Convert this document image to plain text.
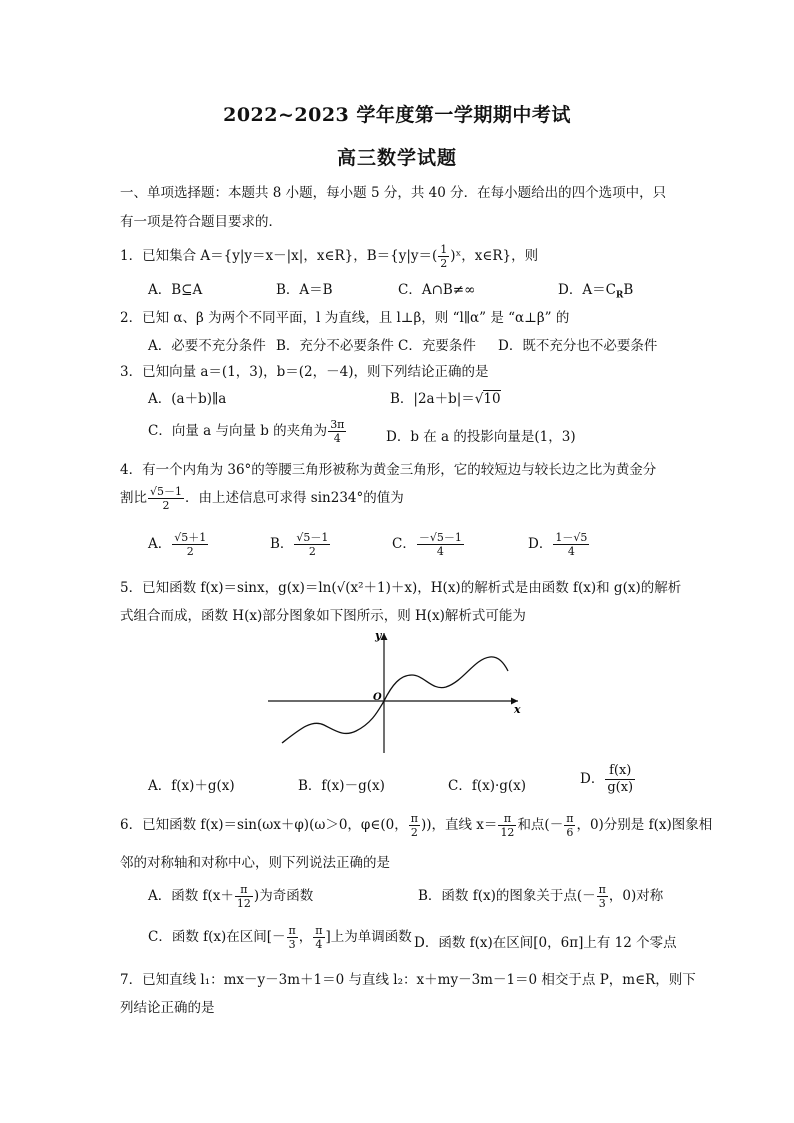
2022~2023 学年度第一学期期中考试
高三数学试题
一、单项选择题：本题共 8 小题，每小题 5 分，共 40 分．在每小题给出的四个选项中，只
有一项是符合题目要求的．
1．已知集合 A＝{y|y＝x－|x|，x∈R}，$B=\{y|y=( \frac{1}{2}$ )ˣ，x∈R}，则
A．B⊆A	B．A＝B	C．A∩B≠∞	D．$A=C_RB$
2．已知 α、β 为两个不同平面，l 为直线，且 l⊥β，则 “l∥α” 是 “α⊥β” 的
A．必要不充分条件 B．充分不必要条件 C．充要条件 D．既不充分也不必要条件
3．已知向量 a＝(1，3)，b＝(2，－4)，则下列结论正确的是
A．(a＋b)∥a	B．|2a＋b|＝√10
C．向量 a 与向量 b 的夹角为 $\frac{3\pi}{4}$	D．b 在 a 的投影向量是(1，3)
4．有一个内角为 36°的等腰三角形被称为黄金三角形，它的较短边与较长边之比为黄金分
割比 $\frac{√5-1}{2}$ ．由上述信息可求得 sin234°的值为
A． $\frac{√5+1}{2}$	B． $\frac{√5-1}{2}$	C． $\frac{-√5-1}{4}$	D． $\frac{1-√5}{4}$
5．已知函数 f(x)＝sinx，g(x)＝ln(√(x²＋1)＋x)，H(x)的解析式是由函数 f(x)和 g(x)的解析
式组合而成，函数 H(x)部分图象如下图所示，则 H(x)解析式可能为
y
x
O
A．f(x)＋g(x)	B．f(x)－g(x)	C．f(x)·g(x)	D． $\frac{f(x)}{g(x)}$
6．已知函数 f(x)＝sin(ωx＋φ)(ω＞0，φ∈(0， $\frac{\pi}{2}$ ))，直线 $x= \frac{\pi}{12}$ 和点(－ $\frac{\pi}{6}$ ，0)分别是 f(x)图象相
邻的对称轴和对称中心，则下列说法正确的是
A．函数 $f(x+ \frac{\pi}{12}$ )为奇函数	B．函数 f(x)的图象关于点(－ $\frac{\pi}{3}$ ，0)对称
C．函数 f(x)在区间[－ $\frac{\pi}{3}$ ， $\frac{\pi}{4}$ ]上为单调函数 D．函数 f(x)在区间[0，6π]上有 12 个零点
7．已知直线 l₁：mx－y－3m＋1＝0 与直线 l₂：x＋my－3m－1＝0 相交于点 P，m∈R，则下
列结论正确的是
